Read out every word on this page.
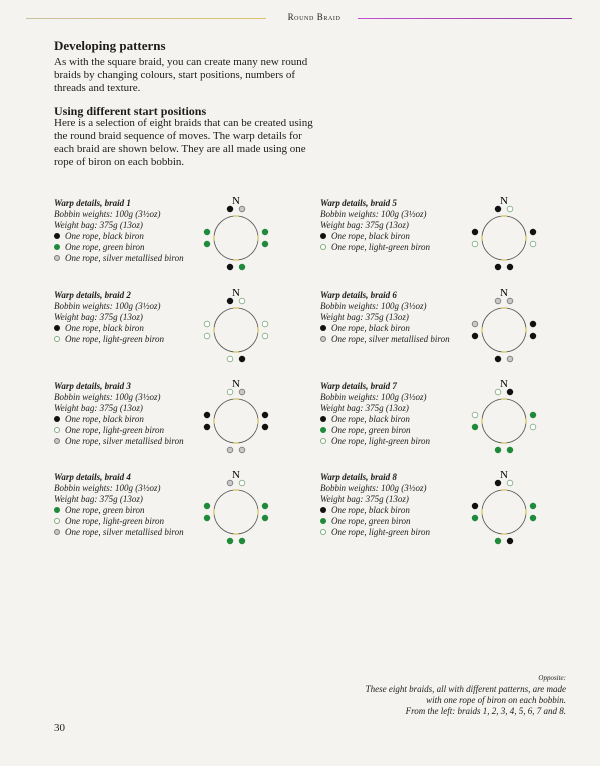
Round Braid
Developing patterns
As with the square braid, you can create many new round braids by changing colours, start positions, numbers of threads and texture.
Using different start positions
Here is a selection of eight braids that can be created using the round braid sequence of moves. The warp details for each braid are shown below. They are all made using one rope of biron on each bobbin.
Warp details, braid 1
Bobbin weights: 100g (3½oz)
Weight bag: 375g (13oz)
One rope, black biron
One rope, green biron
One rope, silver metallised biron
N
Warp details, braid 2
Bobbin weights: 100g (3½oz)
Weight bag: 375g (13oz)
One rope, black biron
One rope, light-green biron
N
Warp details, braid 3
Bobbin weights: 100g (3½oz)
Weight bag: 375g (13oz)
One rope, black biron
One rope, light-green biron
One rope, silver metallised biron
N
Warp details, braid 4
Bobbin weights: 100g (3½oz)
Weight bag: 375g (13oz)
One rope, green biron
One rope, light-green biron
One rope, silver metallised biron
N
Warp details, braid 5
Bobbin weights: 100g (3½oz)
Weight bag: 375g (13oz)
One rope, black biron
One rope, light-green biron
N
Warp details, braid 6
Bobbin weights: 100g (3½oz)
Weight bag: 375g (13oz)
One rope, black biron
One rope, silver metallised biron
N
Warp details, braid 7
Bobbin weights: 100g (3½oz)
Weight bag: 375g (13oz)
One rope, black biron
One rope, green biron
One rope, light-green biron
N
Warp details, braid 8
Bobbin weights: 100g (3½oz)
Weight bag: 375g (13oz)
One rope, black biron
One rope, green biron
One rope, light-green biron
N
Opposite:
These eight braids, all with different patterns, are made
with one rope of biron on each bobbin.
From the left: braids 1, 2, 3, 4, 5, 6, 7 and 8.
30
